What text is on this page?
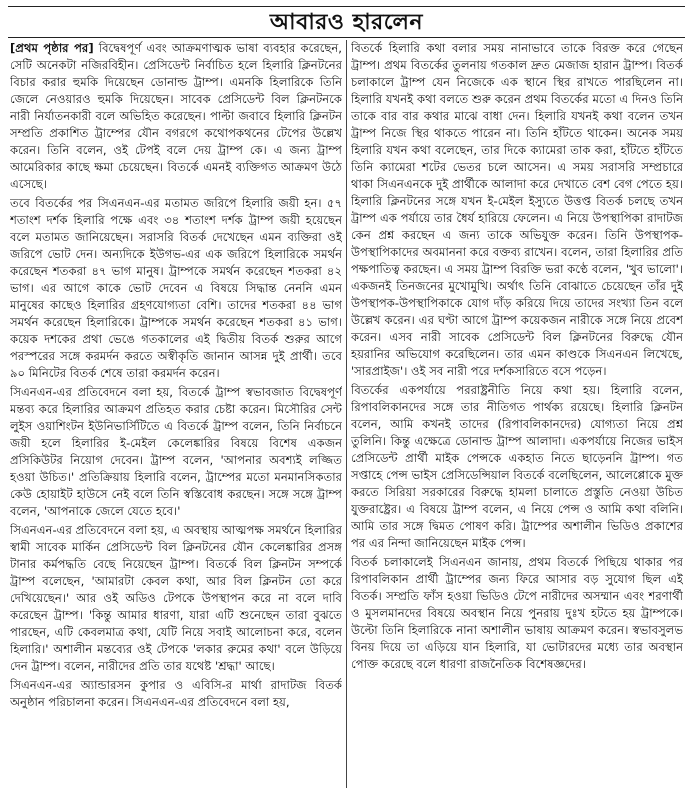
আবারও হারলেন

[প্রথম পৃষ্ঠার পর] বিদ্বেষপূর্ণ এবং আক্রমণাত্মক ভাষা ব্যবহার করেছেন, সেটি অনেকটা নজিরবিহীন। প্রেসিডেন্ট নির্বাচিত হলে হিলারি ক্লিনটনের বিচার করার হুমকি দিয়েছেন ডোনাল্ড ট্রাম্প। এমনকি হিলারিকে তিনি জেলে নেওয়ারও হুমকি দিয়েছেন। সাবেক প্রেসিডেন্ট বিল ক্লিনটনকে নারী নির্যাতনকারী বলে অভিহিত করেছেন। পাল্টা জবাবে হিলারি ক্লিনটন সম্প্রতি প্রকাশিত ট্রাম্পের যৌন বগরগে কথোপকথনের টেপের উল্লেখ করেন। তিনি বলেন, ওই টেপই বলে দেয় ট্রাম্প কে। এ জন্য ট্রাম্প আমেরিকার কাছে ক্ষমা চেয়েছেন। বিতর্কে এমনই ব্যক্তিগত আক্রমণ উঠে এসেছে।

তবে বিতর্কের পর সিএনএন-এর মতামত জরিপে হিলারি জয়ী হন। ৫৭ শতাংশ দর্শক হিলারি পক্ষে এবং ৩৪ শতাংশ দর্শক ট্রাম্প জয়ী হয়েছেন বলে মতামত জানিয়েছেন। সরাসরি বিতর্ক দেখেছেন এমন ব্যক্তিরা ওই জরিপে ভোট দেন। অন্যদিকে ইউগভ-এর এক জরিপে হিলারিকে সমর্থন করেছেন শতকরা ৪৭ ভাগ মানুষ। ট্রাম্পকে সমর্থন করেছেন শতকরা ৪২ ভাগ। এর আগে কাকে ভোট দেবেন এ বিষয়ে সিদ্ধান্ত নেননি এমন মানুষের কাছেও হিলারির গ্রহণযোগ্যতা বেশি। তাদের শতকরা ৪৪ ভাগ সমর্থন করেছেন হিলারিকে। ট্রাম্পকে সমর্থন করেছেন শতকরা ৪১ ভাগ। কয়েক দশকের প্রথা ভেঙে গতকালের এই দ্বিতীয় বিতর্ক শুরুর আগে পরস্পরের সঙ্গে করমর্দন করতে অস্বীকৃতি জানান আসন্ন দুই প্রার্থী। তবে ৯০ মিনিটের বিতর্ক শেষে তারা করমর্দন করেন।

সিএনএন-এর প্রতিবেদনে বলা হয়, বিতর্কে ট্রাম্প স্বভাবজাত বিদ্বেষপূর্ণ মন্তব্য করে হিলারির আক্রমণ প্রতিহত করার চেষ্টা করেন। মিসৌরির সেন্ট লুইস ওয়াশিংটন ইউনিভার্সিটিতে এ বিতর্কে ট্রাম্প বলেন, তিনি নির্বাচনে জয়ী হলে হিলারির ই-মেইল কেলেঙ্কারির বিষয়ে বিশেষ একজন প্রসিকিউটর নিয়োগ দেবেন। ট্রাম্প বলেন, 'আপনার অবশ্যই লজ্জিত হওয়া উচিত।' প্রতিক্রিয়ায় হিলারি বলেন, ট্রাম্পের মতো মনমানসিকতার কেউ হোয়াইট হাউসে নেই বলে তিনি স্বস্তিবোধ করছেন। সঙ্গে সঙ্গে ট্রাম্প বলেন, 'আপনাকে জেলে যেতে হবে।'

সিএনএন-এর প্রতিবেদনে বলা হয়, এ অবস্থায় আত্মপক্ষ সমর্থনে হিলারির স্বামী সাবেক মার্কিন প্রেসিডেন্ট বিল ক্লিনটনের যৌন কেলেঙ্কারির প্রসঙ্গ টানার কর্মপদ্ধতি বেছে নিয়েছেন ট্রাম্প। বিতর্কে বিল ক্লিনটন সম্পর্কে ট্রাম্প বলেছেন, 'আমারটা কেবল কথা, আর বিল ক্লিনটন তো করে দেখিয়েছেন।' আর ওই অডিও টেপকে উপস্থাপন করে না বলে দাবি করেছেন ট্রাম্প। 'কিন্তু আমার ধারণা, যারা এটি শুনেছেন তারা বুঝতে পারছেন, এটি কেবলমাত্র কথা, যেটি নিয়ে সবাই আলোচনা করে, বলেন হিলারি।' অশালীন মন্তব্যের ওই টেপকে 'লকার রুমের কথা' বলে উড়িয়ে দেন ট্রাম্প। বলেন, নারীদের প্রতি তার যথেষ্ট 'শ্রদ্ধা' আছে।

সিএনএন-এর অ্যান্ডারসন কুপার ও এবিসি-র মার্থা রাদাটজ বিতর্ক অনুষ্ঠান পরিচালনা করেন। সিএনএন-এর প্রতিবেদনে বলা হয়,

বিতর্কে হিলারি কথা বলার সময় নানাভাবে তাকে বিরক্ত করে গেছেন ট্রাম্প। প্রথম বিতর্কের তুলনায় গতকাল দ্রুত মেজাজ হারান ট্রাম্প। বিতর্ক চলাকালে ট্রাম্প যেন নিজেকে এক স্থানে স্থির রাখতে পারছিলেন না। হিলারি যখনই কথা বলতে শুরু করেন প্রথম বিতর্কের মতো এ দিনও তিনি তাকে বার বার কথার মাঝে বাধা দেন। হিলারি যখনই কথা বলেন তখন ট্রাম্প নিজে স্থির থাকতে পারেন না। তিনি হাঁটতে থাকেন। অনেক সময় হিলারি যখন কথা বলেছেন, তার দিকে ক্যামেরা তাক করা, হাঁটতে হাঁটতে তিনি ক্যামেরা শটের ভেতর চলে আসেন। এ সময় সরাসরি সম্প্রচারে থাকা সিএনএনকে দুই প্রার্থীকে আলাদা করে দেখাতে বেশ বেগ পেতে হয়। হিলারি ক্লিনটনের সঙ্গে যখন ই-মেইল ইস্যুতে উত্তপ্ত বিতর্ক চলছে তখন ট্রাম্প এক পর্যায়ে তার ধৈর্য হারিয়ে ফেলেন। এ নিয়ে উপস্থাপিকা রাদাটজ কেন প্রশ্ন করছেন এ জন্য তাকে অভিযুক্ত করেন। তিনি উপস্থাপক-উপস্থাপিকাদের অবমাননা করে বক্তব্য রাখেন। বলেন, তারা হিলারির প্রতি পক্ষপাতিত্ব করছেন। এ সময় ট্রাম্প বিরক্তি ভরা কণ্ঠে বলেন, 'খুব ভালো'। একজনই তিনজনের মুখোমুখি। অর্থাৎ তিনি বোঝাতে চেয়েছেন তাঁর দুই উপস্থাপক-উপস্থাপিকাকে যোগ দাঁড় করিয়ে দিয়ে তাদের সংখ্যা তিন বলে উল্লেখ করেন। এর ঘণ্টা আগে ট্রাম্প কয়েকজন নারীকে সঙ্গে নিয়ে প্রবেশ করেন। এসব নারী সাবেক প্রেসিডেন্ট বিল ক্লিনটনের বিরুদ্ধে যৌন হয়রানির অভিযোগ করেছিলেন। তার এমন কাণ্ডকে সিএনএন লিখেছে, 'সারপ্রাইজ'। ওই সব নারী পরে দর্শকসারিতে বসে পড়েন।

বিতর্কের একপর্যায়ে পররাষ্ট্রনীতি নিয়ে কথা হয়। হিলারি বলেন, রিপাবলিকানদের সঙ্গে তার নীতিগত পার্থক্য রয়েছে। হিলারি ক্লিনটন বলেন, আমি কখনই তাদের (রিপাবলিকানদের) যোগ্যতা নিয়ে প্রশ্ন তুলিনি। কিন্তু এক্ষেত্রে ডোনাল্ড ট্রাম্প আলাদা। একপর্যায়ে নিজের ভাইস প্রেসিডেন্ট প্রার্থী মাইক পেন্সকে একহাত নিতে ছাড়েননি ট্রাম্প। গত সপ্তাহে পেন্স ভাইস প্রেসিডেন্সিয়াল বিতর্কে বলেছিলেন, আলেপ্পোকে মুক্ত করতে সিরিয়া সরকারের বিরুদ্ধে হামলা চালাতে প্রস্তুতি নেওয়া উচিত যুক্তরাষ্ট্রের। এ বিষয়ে ট্রাম্প বলেন, এ নিয়ে পেন্স ও আমি কথা বলিনি। আমি তার সঙ্গে দ্বিমত পোষণ করি। ট্রাম্পের অশালীন ভিডিও প্রকাশের পর এর নিন্দা জানিয়েছেন মাইক পেন্স।

বিতর্ক চলাকালেই সিএনএন জানায়, প্রথম বিতর্কে পিছিয়ে থাকার পর রিপাবলিকান প্রার্থী ট্রাম্পের জন্য ফিরে আসার বড় সুযোগ ছিল এই বিতর্ক। সম্প্রতি ফাঁস হওয়া ভিডিও টেপে নারীদের অসম্মান এবং শরণার্থী ও মুসলমানদের বিষয়ে অবস্থান নিয়ে পুনরায় দুঃখ হটতে হয় ট্রাম্পকে। উল্টো তিনি হিলারিকে নানা অশালীন ভাষায় আক্রমণ করেন। স্বভাবসুলভ বিনয় দিয়ে তা এড়িয়ে যান হিলারি, যা ভোটারদের মধ্যে তার অবস্থান পোক্ত করেছে বলে ধারণা রাজনৈতিক বিশেষজ্ঞদের।
